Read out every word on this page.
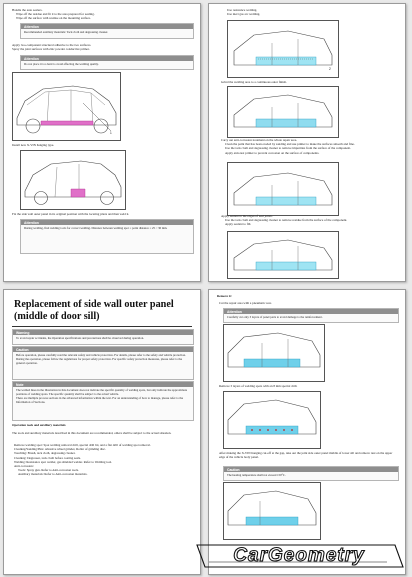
Handle the auto sealers.
Wipe off the residue and fit it to the area prepared for sealing.
Wipe off the surface with residue on the mounting surface.
Attention
Recommended auxiliary materials: Tack cloth and degreasing cleaner.
Apply two-component structural adhesive to the two surfaces.
Spray the joint surfaces with zinc powder conductive primer.
Attention
Do not place it too hard to avoid affecting the welding quality.
1
Install new X-VIN hanging type.
Fix the side wall outer panel in its original position with the locating pliers and then weld it.
Attention
During welding, find welding tools for correct welding. Distance between welding spot = point distance = 25 ~ 30 mm.
Use resistance welding.
Use inert gas arc welding.
2
Grind the welding area to a continuous outer finish.
Carry out anti-corrosion treatment on the whole repair area.
Clean the paint that has been eroded by sanding and use primer to make the surfaces smooth and fine.
Use the tack cloth and degreasing cleaner to remove impurities from the surface of the component.
Apply anti-rust primer to prevent corrosion on the surface of components.
Apply sealant to the edges of seal joints.
Use the tack cloth and degreasing cleaner to remove residue from the surface of the component.
Apply sealant to fill.
Replacement of side wall outer panel (middle of door sill)
Warning
To avoid repair accidents, the Operation specifications and precautions shall be observed during operation.
Caution
Before operation, please carefully read the relevant safety and vehicle protection. For details, please refer to the safety and vehicle protection.
During the operation, please follow the regulations for proper safety protection. For specific safety protection measures, please refer to the general operation.
Note
The welded lines in the illustration in this document does not indicate the specific quantity of welding spots, but only indicate the approximate positions of welding spots. The specific quantity shall be subject to the actual vehicle.
There are multiple process sections in the advanced information within the text. For an understanding of how to manage, please refer to the Information of Sections.
Operation tools and auxiliary materials
The tools and auxiliary materials described in this document are recommended, others shall be subject to the actual situation.
Remove welding spot: Spot welding removal drill, special drill bit, and a flat drill of welding spot removal.
Cleaning/Sanding/Pins: Abrasive wheel grinder, Roller of grinding disc.
Touching: Brush, tack cloth, degreasing cleaner.
Cleaning: Degreaser, tack cloth before coating seals.
Welding: Resistance spot welder, gas shielded welder. Refer to Welding tool.
Anti-corrosion:
Tools: Spray gun. Refer to Anti-corrosion tools.
Auxiliary materials: Refer to Anti-corrosion materials.
Remove it:
Cut the repair area with a pneumatic saw.
Attention
Carefully cut only 3 layers of panel parts to avoid damage to the reinforcement.
Remove 3 layers of welding spots with an 8 mm special drill.
After making the X-VIN hanging cut-off at the gap, take out the joint side outer panel middle of lower sill and remove rust on the upper edge of the vehicle body panel.
Caution
The heating temperature shall not exceed 150°C.
CarGeometry
